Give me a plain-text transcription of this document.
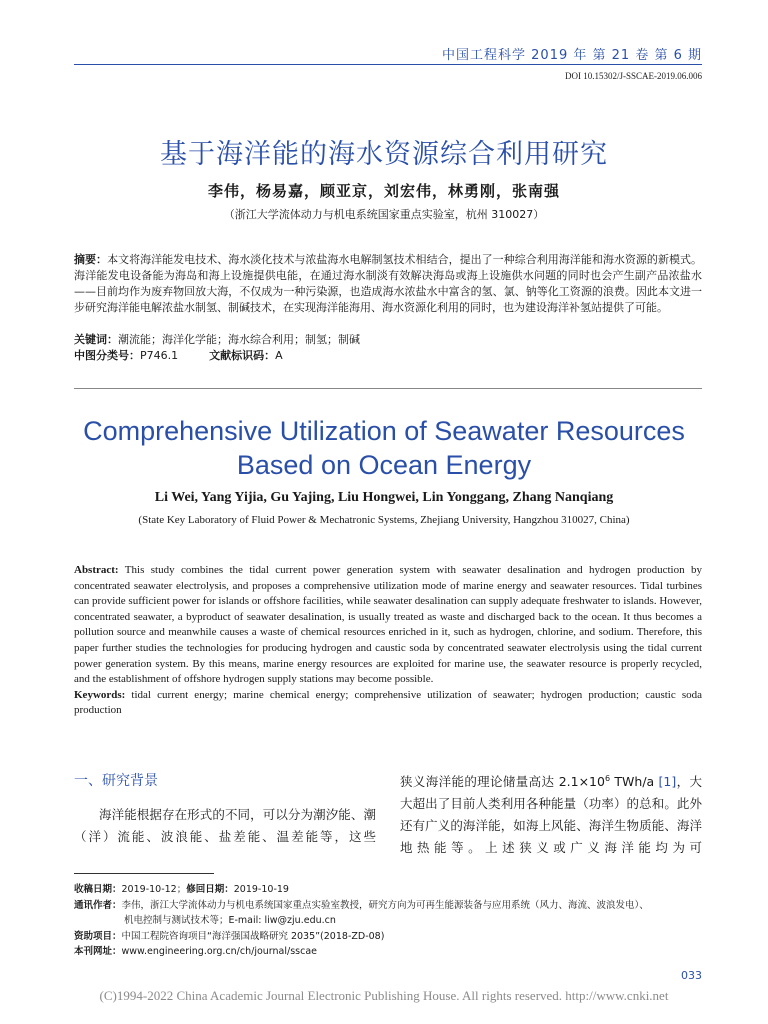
中国工程科学 2019 年 第 21 卷 第 6 期
DOI 10.15302/J-SSCAE-2019.06.006
基于海洋能的海水资源综合利用研究
李伟，杨易嘉，顾亚京，刘宏伟，林勇刚，张南强
（浙江大学流体动力与机电系统国家重点实验室，杭州 310027）
摘要：本文将海洋能发电技术、海水淡化技术与浓盐海水电解制氢技术相结合，提出了一种综合利用海洋能和海水资源的新模式。海洋能发电设备能为海岛和海上设施提供电能，在通过海水制淡有效解决海岛或海上设施供水问题的同时也会产生副产品浓盐水——目前均作为废弃物回放大海，不仅成为一种污染源，也造成海水浓盐水中富含的氢、氯、钠等化工资源的浪费。因此本文进一步研究海洋能电解浓盐水制氢、制碱技术，在实现海洋能海用、海水资源化利用的同时，也为建设海洋补氢站提供了可能。
关键词：潮流能；海洋化学能；海水综合利用；制氢；制碱
中图分类号：P746.1	文献标识码：A
Comprehensive Utilization of Seawater Resources
Based on Ocean Energy
Li Wei, Yang Yijia, Gu Yajing, Liu Hongwei, Lin Yonggang, Zhang Nanqiang
(State Key Laboratory of Fluid Power & Mechatronic Systems, Zhejiang University, Hangzhou 310027, China)
Abstract: This study combines the tidal current power generation system with seawater desalination and hydrogen production by concentrated seawater electrolysis, and proposes a comprehensive utilization mode of marine energy and seawater resources. Tidal turbines can provide sufficient power for islands or offshore facilities, while seawater desalination can supply adequate freshwater to islands. However, concentrated seawater, a byproduct of seawater desalination, is usually treated as waste and discharged back to the ocean. It thus becomes a pollution source and meanwhile causes a waste of chemical resources enriched in it, such as hydrogen, chlorine, and sodium. Therefore, this paper further studies the technologies for producing hydrogen and caustic soda by concentrated seawater electrolysis using the tidal current power generation system. By this means, marine energy resources are exploited for marine use, the seawater resource is properly recycled, and the establishment of offshore hydrogen supply stations may become possible.
Keywords: tidal current energy; marine chemical energy; comprehensive utilization of seawater; hydrogen production; caustic soda production
一、研究背景
海洋能根据存在形式的不同，可以分为潮汐能、潮（洋）流能、波浪能、盐差能、温差能等，这些
狭义海洋能的理论储量高达 $2.1\times 10^6$ TWh/a [1]，大大超出了目前人类利用各种能量（功率）的总和。此外还有广义的海洋能，如海上风能、海洋生物质能、海洋地热能等。上述狭义或广义海洋能均为可
收稿日期：2019-10-12；修回日期：2019-10-19
通讯作者：李伟，浙江大学流体动力与机电系统国家重点实验室教授，研究方向为可再生能源装备与应用系统（风力、海流、波浪发电）、
机电控制与测试技术等；E-mail: liw@zju.edu.cn
资助项目：中国工程院咨询项目“海洋强国战略研究 2035”(2018-ZD-08)
本刊网址：www.engineering.org.cn/ch/journal/sscae
033
(C)1994-2022 China Academic Journal Electronic Publishing House. All rights reserved. http://www.cnki.net
